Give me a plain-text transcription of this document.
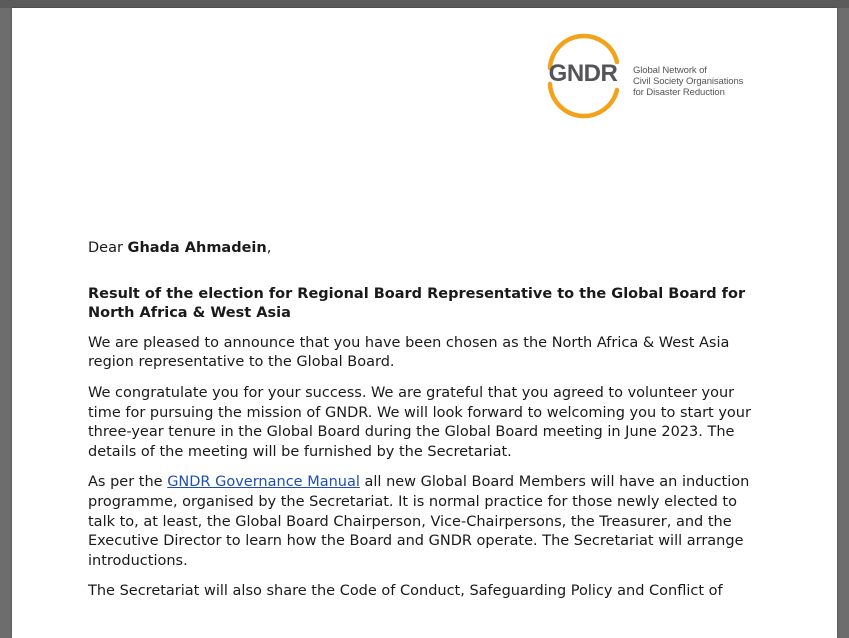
GNDR	Global Network of
Civil Society Organisations
for Disaster Reduction
Dear Ghada Ahmadein,
Result of the election for Regional Board Representative to the Global Board for
North Africa & West Asia
We are pleased to announce that you have been chosen as the North Africa & West Asia
region representative to the Global Board.
We congratulate you for your success. We are grateful that you agreed to volunteer your
time for pursuing the mission of GNDR. We will look forward to welcoming you to start your
three-year tenure in the Global Board during the Global Board meeting in June 2023. The
details of the meeting will be furnished by the Secretariat.
As per the GNDR Governance Manual all new Global Board Members will have an induction
programme, organised by the Secretariat. It is normal practice for those newly elected to
talk to, at least, the Global Board Chairperson, Vice-Chairpersons, the Treasurer, and the
Executive Director to learn how the Board and GNDR operate. The Secretariat will arrange
introductions.
The Secretariat will also share the Code of Conduct, Safeguarding Policy and Conflict of
